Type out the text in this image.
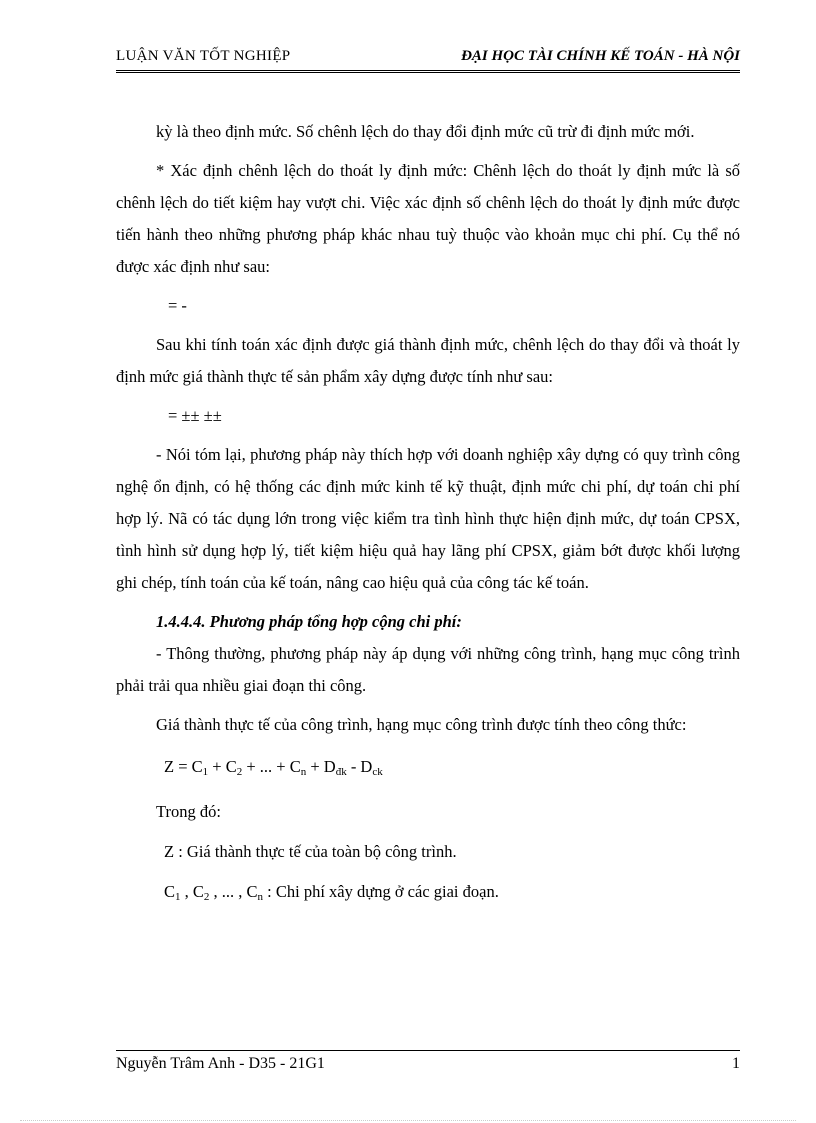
LUẬN VĂN TỐT NGHIỆP	ĐẠI HỌC TÀI CHÍNH KẾ TOÁN - HÀ NỘI

kỳ là theo định mức. Số chênh lệch do thay đổi định mức cũ trừ đi định mức mới.

* Xác định chênh lệch do thoát ly định mức: Chênh lệch do thoát ly định mức là số chênh lệch do tiết kiệm hay vượt chi. Việc xác định số chênh lệch do thoát ly định mức được tiến hành theo những phương pháp khác nhau tuỳ thuộc vào khoản mục chi phí. Cụ thể nó được xác định như sau:

= -

Sau khi tính toán xác định được giá thành định mức, chênh lệch do thay đổi và thoát ly định mức giá thành thực tế sản phẩm xây dựng được tính như sau:

= ±± ±±

- Nói tóm lại, phương pháp này thích hợp với doanh nghiệp xây dựng có quy trình công nghệ ổn định, có hệ thống các định mức kinh tế kỹ thuật, định mức chi phí, dự toán chi phí hợp lý. Nã có tác dụng lớn trong việc kiểm tra tình hình thực hiện định mức, dự toán CPSX, tình hình sử dụng hợp lý, tiết kiệm hiệu quả hay lãng phí CPSX, giảm bớt được khối lượng ghi chép, tính toán của kế toán, nâng cao hiệu quả của công tác kế toán.

1.4.4.4. Phương pháp tổng hợp cộng chi phí:

- Thông thường, phương pháp này áp dụng với những công trình, hạng mục công trình phải trải qua nhiều giai đoạn thi công.

Giá thành thực tế của công trình, hạng mục công trình được tính theo công thức:

$Z = C_1 + C_2$ + ... + $C_n + D_{đk} - D_{ck}$
Trong đó:
Z : Giá thành thực tế của toàn bộ công trình.
$C_1$ , $C_2$ , ... , $C_n$ : Chi phí xây dựng ở các giai đoạn.
Nguyễn Trâm Anh - D35 - 21G1	1
